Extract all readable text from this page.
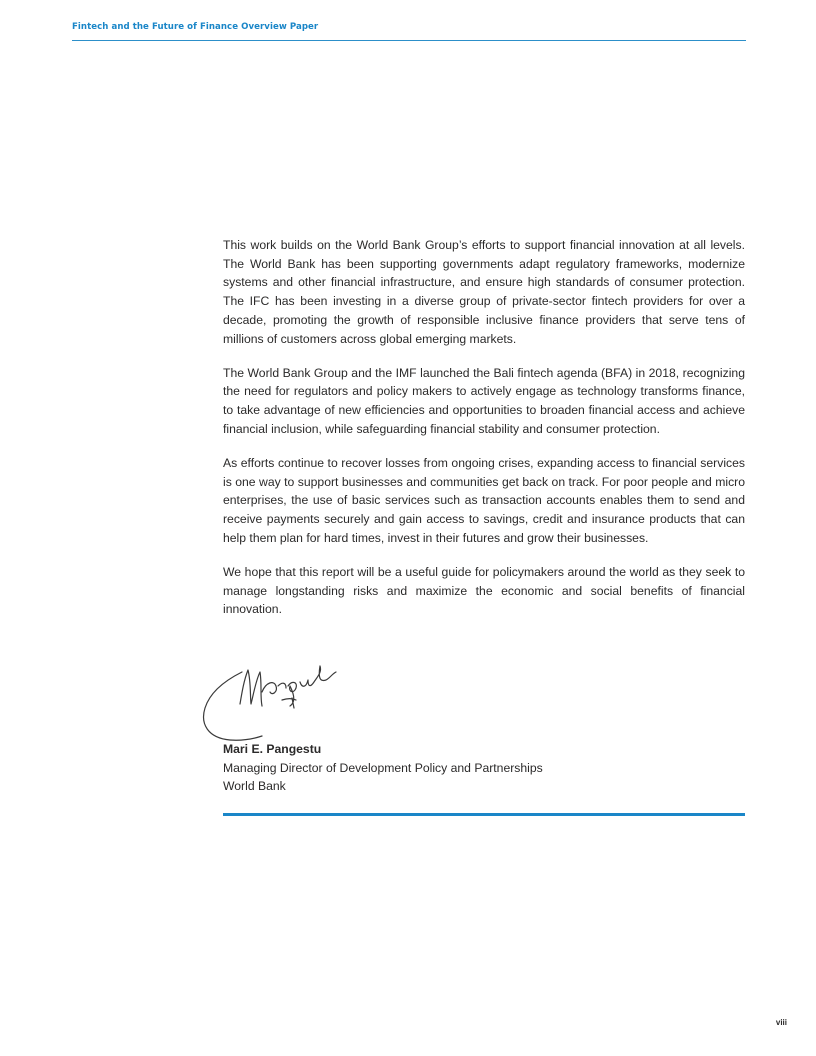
Fintech and the Future of Finance Overview Paper

This work builds on the World Bank Group’s efforts to support financial innovation at all levels. The World Bank has been supporting governments adapt regulatory frameworks, modernize systems and other financial infrastructure, and ensure high standards of consumer protection. The IFC has been investing in a diverse group of private-sector fintech providers for over a decade, promoting the growth of responsible inclusive finance providers that serve tens of millions of customers across global emerging markets.

The World Bank Group and the IMF launched the Bali fintech agenda (BFA) in 2018, recognizing the need for regulators and policy makers to actively engage as technology transforms finance, to take advantage of new efficiencies and opportunities to broaden financial access and achieve financial inclusion, while safeguarding financial stability and consumer protection.

As efforts continue to recover losses from ongoing crises, expanding access to financial services is one way to support businesses and communities get back on track. For poor people and micro enterprises, the use of basic services such as transaction accounts enables them to send and receive payments securely and gain access to savings, credit and insurance products that can help them plan for hard times, invest in their futures and grow their businesses.

We hope that this report will be a useful guide for policymakers around the world as they seek to manage longstanding risks and maximize the economic and social benefits of financial innovation.

Mari E. Pangestu
Managing Director of Development Policy and Partnerships
World Bank
viii
